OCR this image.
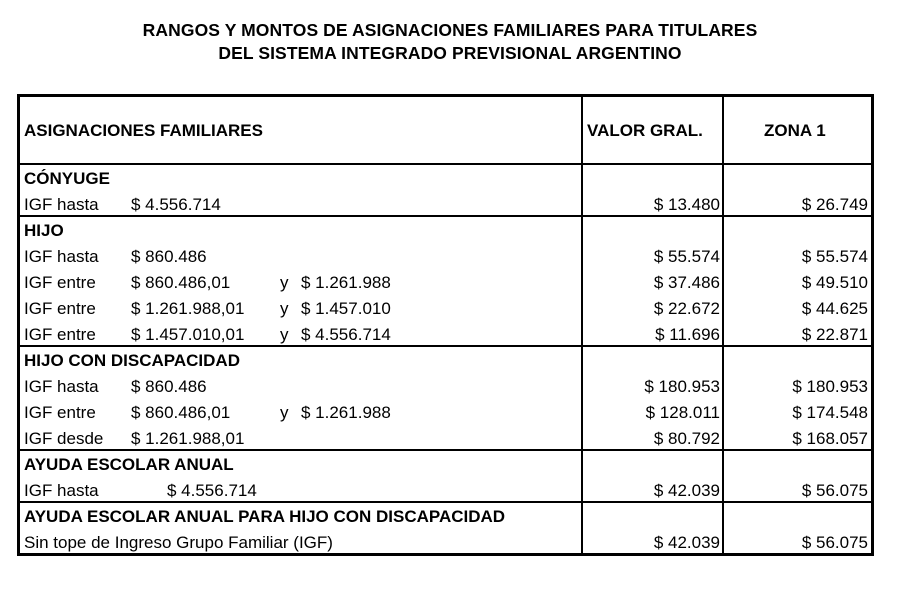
RANGOS Y MONTOS DE ASIGNACIONES FAMILIARES PARA TITULARES
DEL SISTEMA INTEGRADO PREVISIONAL ARGENTINO
ASIGNACIONES FAMILIARES	VALOR GRAL.	ZONA 1
CÓNYUGE
IGF hasta $ 4.556.714	$ 13.480	$ 26.749
HIJO
IGF hasta $ 860.486	$ 55.574	$ 55.574
IGF entre $ 860.486,01	y $ 1.261.988	$ 37.486	$ 49.510
IGF entre $ 1.261.988,01 y $ 1.457.010	$ 22.672	$ 44.625
IGF entre $ 1.457.010,01 y $ 4.556.714	$ 11.696	$ 22.871
HIJO CON DISCAPACIDAD
IGF hasta $ 860.486	$ 180.953	$ 180.953
IGF entre $ 860.486,01	y $ 1.261.988	$ 128.011	$ 174.548
IGF desde $ 1.261.988,01	$ 80.792	$ 168.057
AYUDA ESCOLAR ANUAL
IGF hasta	$ 4.556.714	$ 42.039	$ 56.075
AYUDA ESCOLAR ANUAL PARA HIJO CON DISCAPACIDAD
Sin tope de Ingreso Grupo Familiar (IGF)	$ 42.039	$ 56.075
